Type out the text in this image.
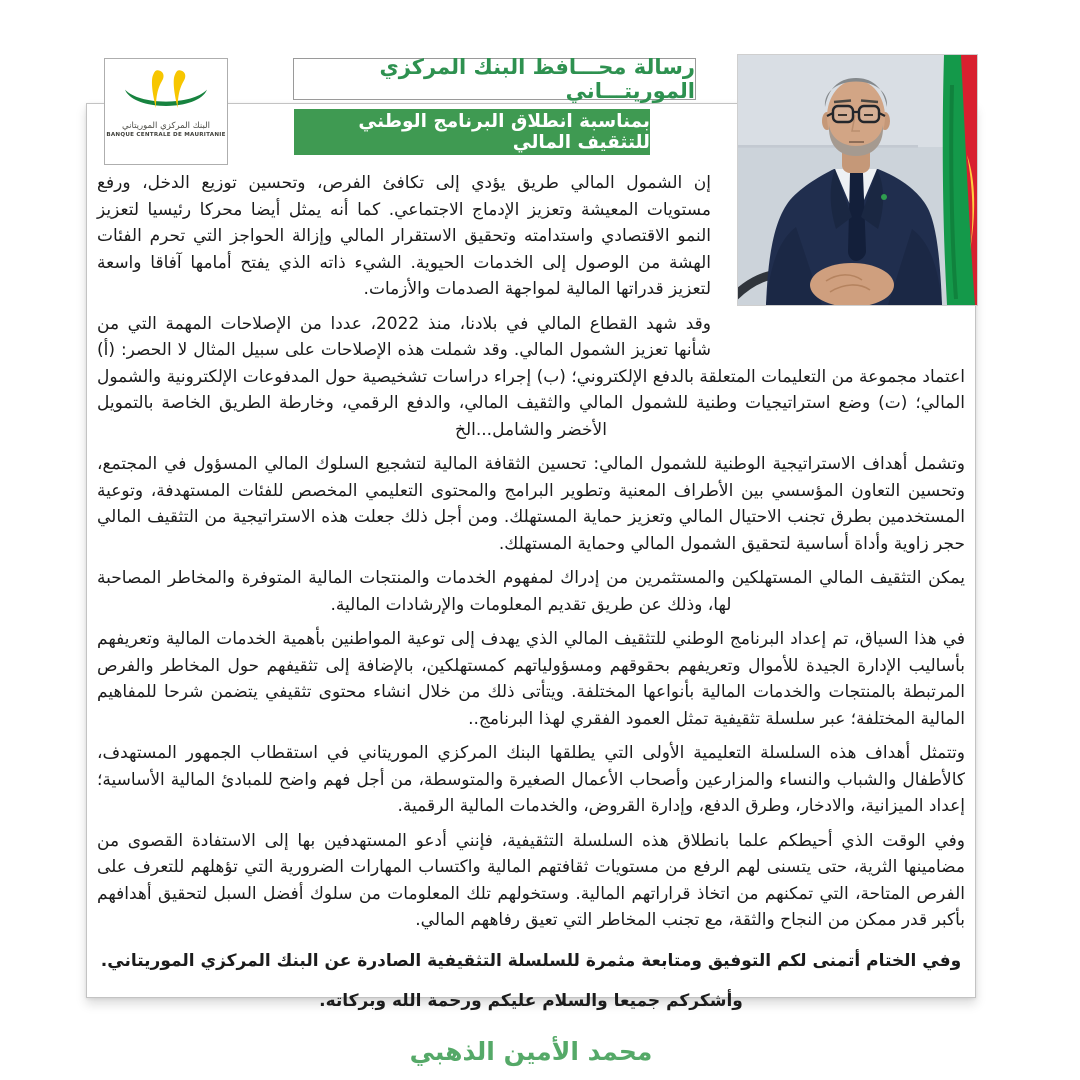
البنك المركزي الموريتاني
BANQUE CENTRALE DE MAURITANIE
رسالة محـــافظ البنك المركزي الموريتـــاني
بمناسبة انطلاق البرنامج الوطني للتثقيف المالي

إن الشمول المالي طريق يؤدي إلى تكافئ الفرص، وتحسين توزيع الدخل، ورفع مستويات المعيشة وتعزيز الإدماج الاجتماعي. كما أنه يمثل أيضا محركا رئيسيا لتعزيز النمو الاقتصادي واستدامته وتحقيق الاستقرار المالي وإزالة الحواجز التي تحرم الفئات الهشة من الوصول إلى الخدمات الحيوية. الشيء ذاته الذي يفتح أمامها آفاقا واسعة لتعزيز قدراتها المالية لمواجهة الصدمات والأزمات.

وقد شهد القطاع المالي في بلادنا، منذ 2022، عددا من الإصلاحات المهمة التي من شأنها تعزيز الشمول المالي. وقد شملت هذه الإصلاحات على سبيل المثال لا الحصر: (أ) اعتماد مجموعة من التعليمات المتعلقة بالدفع الإلكتروني؛ (ب) إجراء دراسات تشخيصية حول المدفوعات الإلكترونية والشمول المالي؛ (ت) وضع استراتيجيات وطنية للشمول المالي والثقيف المالي، والدفع الرقمي، وخارطة الطريق الخاصة بالتمويل الأخضر والشامل...الخ

وتشمل أهداف الاستراتيجية الوطنية للشمول المالي: تحسين الثقافة المالية لتشجيع السلوك المالي المسؤول في المجتمع، وتحسين التعاون المؤسسي بين الأطراف المعنية وتطوير البرامج والمحتوى التعليمي المخصص للفئات المستهدفة، وتوعية المستخدمين بطرق تجنب الاحتيال المالي وتعزيز حماية المستهلك. ومن أجل ذلك جعلت هذه الاستراتيجية من التثقيف المالي حجر زاوية وأداة أساسية لتحقيق الشمول المالي وحماية المستهلك.

يمكن التثقيف المالي المستهلكين والمستثمرين من إدراك لمفهوم الخدمات والمنتجات المالية المتوفرة والمخاطر المصاحبة لها، وذلك عن طريق تقديم المعلومات والإرشادات المالية.

في هذا السياق، تم إعداد البرنامج الوطني للتثقيف المالي الذي يهدف إلى توعية المواطنين بأهمية الخدمات المالية وتعريفهم بأساليب الإدارة الجيدة للأموال وتعريفهم بحقوقهم ومسؤولياتهم كمستهلكين، بالإضافة إلى تثقيفهم حول المخاطر والفرص المرتبطة بالمنتجات والخدمات المالية بأنواعها المختلفة. ويتأتى ذلك من خلال انشاء محتوى تثقيفي يتضمن شرحا للمفاهيم المالية المختلفة؛ عبر سلسلة تثقيفية تمثل العمود الفقري لهذا البرنامج..

وتتمثل أهداف هذه السلسلة التعليمية الأولى التي يطلقها البنك المركزي الموريتاني في استقطاب الجمهور المستهدف، كالأطفال والشباب والنساء والمزارعين وأصحاب الأعمال الصغيرة والمتوسطة، من أجل فهم واضح للمبادئ المالية الأساسية؛ إعداد الميزانية، والادخار، وطرق الدفع، وإدارة القروض، والخدمات المالية الرقمية.

وفي الوقت الذي أحيطكم علما بانطلاق هذه السلسلة التثقيفية، فإنني أدعو المستهدفين بها إلى الاستفادة القصوى من مضامينها الثرية، حتى يتسنى لهم الرفع من مستويات ثقافتهم المالية واكتساب المهارات الضرورية التي تؤهلهم للتعرف على الفرص المتاحة، التي تمكنهم من اتخاذ قراراتهم المالية. وستخولهم تلك المعلومات من سلوك أفضل السبل لتحقيق أهدافهم بأكبر قدر ممكن من النجاح والثقة، مع تجنب المخاطر التي تعيق رفاههم المالي.

وفي الختام أتمنى لكم التوفيق ومتابعة مثمرة للسلسلة التثقيفية الصادرة عن البنك المركزي الموريتاني.

وأشكركم جميعا والسلام عليكم ورحمة الله وبركاته.

محمد الأمين الذهبي
